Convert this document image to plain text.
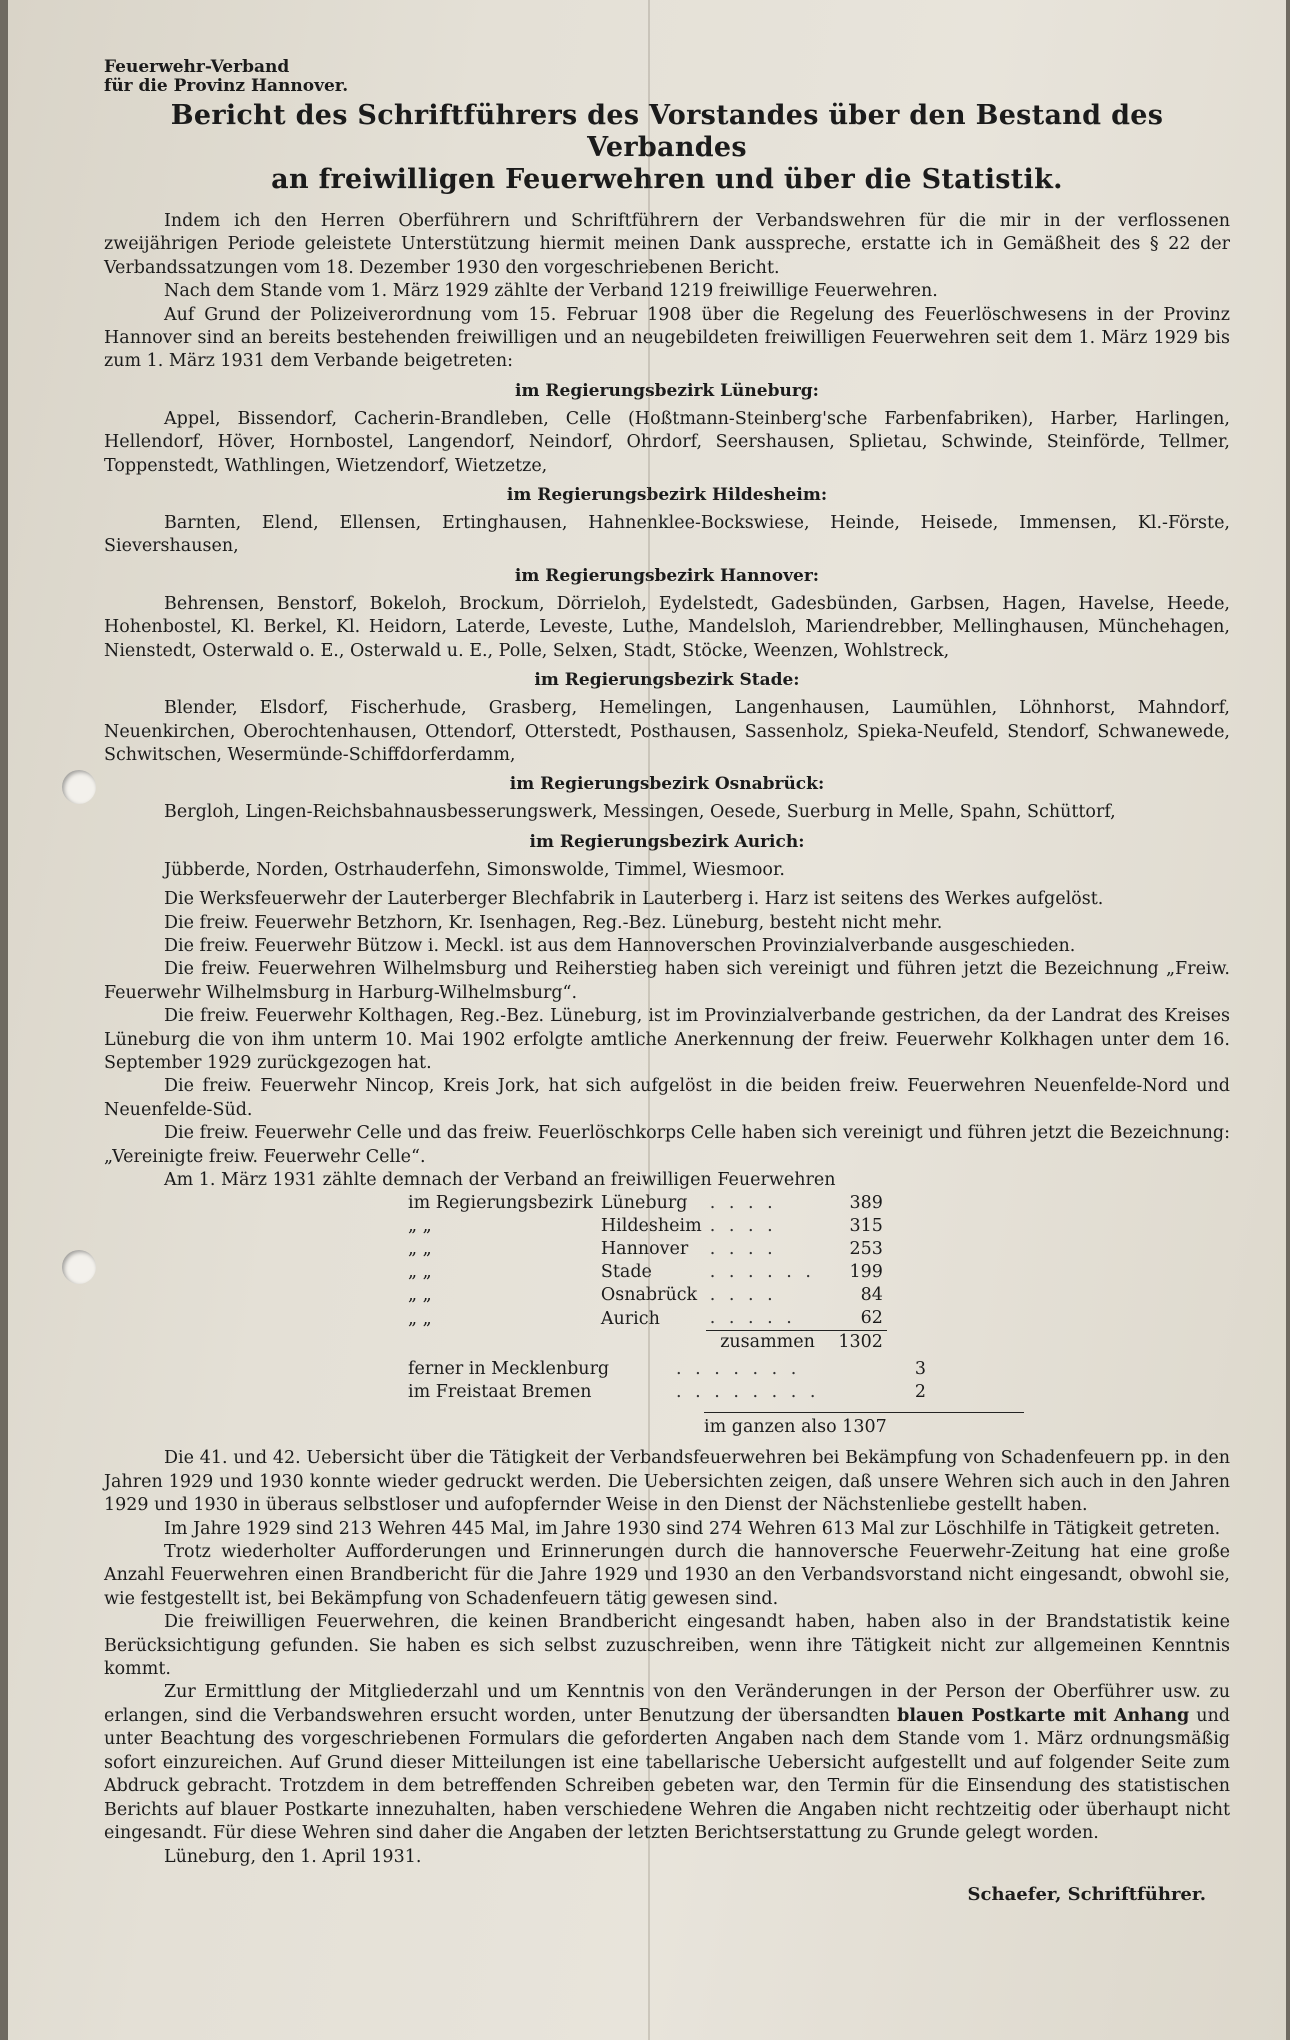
Feuerwehr-Verband
für die Provinz Hannover.
Bericht des Schriftführers des Vorstandes über den Bestand des Verbandes
an freiwilligen Feuerwehren und über die Statistik.

Indem ich den Herren Oberführern und Schriftführern der Verbandswehren für die mir in der verflossenen zweijährigen Periode geleistete Unterstützung hiermit meinen Dank ausspreche, erstatte ich in Gemäßheit des § 22 der Verbandssatzungen vom 18. Dezember 1930 den vorgeschriebenen Bericht.

Nach dem Stande vom 1. März 1929 zählte der Verband 1219 freiwillige Feuerwehren.

Auf Grund der Polizeiverordnung vom 15. Februar 1908 über die Regelung des Feuerlöschwesens in der Provinz Hannover sind an bereits bestehenden freiwilligen und an neugebildeten freiwilligen Feuerwehren seit dem 1. März 1929 bis zum 1. März 1931 dem Verbande beigetreten:

im Regierungsbezirk Lüneburg:
Appel, Bissendorf, Cacherin-Brandleben, Celle (Hoßtmann-Steinberg'sche Farbenfabriken), Harber, Harlingen, Hellendorf, Höver, Hornbostel, Langendorf, Neindorf, Ohrdorf, Seershausen, Splietau, Schwinde, Steinförde, Tellmer, Toppenstedt, Wathlingen, Wietzendorf, Wietzetze,
im Regierungsbezirk Hildesheim:
Barnten, Elend, Ellensen, Ertinghausen, Hahnenklee-Bockswiese, Heinde, Heisede, Immensen, Kl.-Förste, Sievershausen,
im Regierungsbezirk Hannover:
Behrensen, Benstorf, Bokeloh, Brockum, Dörrieloh, Eydelstedt, Gadesbünden, Garbsen, Hagen, Havelse, Heede, Hohenbostel, Kl. Berkel, Kl. Heidorn, Laterde, Leveste, Luthe, Mandelsloh, Mariendrebber, Mellinghausen, Münchehagen, Nienstedt, Osterwald o. E., Osterwald u. E., Polle, Selxen, Stadt, Stöcke, Weenzen, Wohlstreck,
im Regierungsbezirk Stade:
Blender, Elsdorf, Fischerhude, Grasberg, Hemelingen, Langenhausen, Laumühlen, Löhnhorst, Mahndorf, Neuenkirchen, Oberochtenhausen, Ottendorf, Otterstedt, Posthausen, Sassenholz, Spieka-Neufeld, Stendorf, Schwanewede, Schwitschen, Wesermünde-Schiffdorferdamm,
im Regierungsbezirk Osnabrück:
Bergloh, Lingen-Reichsbahnausbesserungswerk, Messingen, Oesede, Suerburg in Melle, Spahn, Schüttorf,
im Regierungsbezirk Aurich:
Jübberde, Norden, Ostrhauderfehn, Simonswolde, Timmel, Wiesmoor.

Die Werksfeuerwehr der Lauterberger Blechfabrik in Lauterberg i. Harz ist seitens des Werkes aufgelöst.

Die freiw. Feuerwehr Betzhorn, Kr. Isenhagen, Reg.-Bez. Lüneburg, besteht nicht mehr.

Die freiw. Feuerwehr Bützow i. Meckl. ist aus dem Hannoverschen Provinzialverbande ausgeschieden.

Die freiw. Feuerwehren Wilhelmsburg und Reiherstieg haben sich vereinigt und führen jetzt die Bezeichnung „Freiw. Feuerwehr Wilhelmsburg in Harburg-Wilhelmsburg“.

Die freiw. Feuerwehr Kolthagen, Reg.-Bez. Lüneburg, ist im Provinzialverbande gestrichen, da der Landrat des Kreises Lüneburg die von ihm unterm 10. Mai 1902 erfolgte amtliche Anerkennung der freiw. Feuerwehr Kolkhagen unter dem 16. September 1929 zurückgezogen hat.

Die freiw. Feuerwehr Nincop, Kreis Jork, hat sich aufgelöst in die beiden freiw. Feuerwehren Neuenfelde-Nord und Neuenfelde-Süd.

Die freiw. Feuerwehr Celle und das freiw. Feuerlöschkorps Celle haben sich vereinigt und führen jetzt die Bezeichnung: „Vereinigte freiw. Feuerwehr Celle“.

Am 1. März 1931 zählte demnach der Verband an freiwilligen Feuerwehren

im Regierungsbezirk	Lüneburg	. . . .	389
„ „	Hildesheim	. . . .	315
„ „	Hannover	. . . .	253
„ „	Stade	. . . . . .	199
„ „	Osnabrück	. . . .	84
„ „	Aurich	. . . . .	62
		zusammen	1302
ferner in Mecklenburg	. . . . . . .	3
im Freistaat Bremen	. . . . . . . .	2
im ganzen also 1307

Die 41. und 42. Uebersicht über die Tätigkeit der Verbandsfeuerwehren bei Bekämpfung von Schadenfeuern pp. in den Jahren 1929 und 1930 konnte wieder gedruckt werden. Die Uebersichten zeigen, daß unsere Wehren sich auch in den Jahren 1929 und 1930 in überaus selbstloser und aufopfernder Weise in den Dienst der Nächstenliebe gestellt haben.

Im Jahre 1929 sind 213 Wehren 445 Mal, im Jahre 1930 sind 274 Wehren 613 Mal zur Löschhilfe in Tätigkeit getreten.

Trotz wiederholter Aufforderungen und Erinnerungen durch die hannoversche Feuerwehr-Zeitung hat eine große Anzahl Feuerwehren einen Brandbericht für die Jahre 1929 und 1930 an den Verbandsvorstand nicht eingesandt, obwohl sie, wie festgestellt ist, bei Bekämpfung von Schadenfeuern tätig gewesen sind.

Die freiwilligen Feuerwehren, die keinen Brandbericht eingesandt haben, haben also in der Brandstatistik keine Berücksichtigung gefunden. Sie haben es sich selbst zuzuschreiben, wenn ihre Tätigkeit nicht zur allgemeinen Kenntnis kommt.

Zur Ermittlung der Mitgliederzahl und um Kenntnis von den Veränderungen in der Person der Oberführer usw. zu erlangen, sind die Verbandswehren ersucht worden, unter Benutzung der übersandten blauen Postkarte mit Anhang und unter Beachtung des vorgeschriebenen Formulars die geforderten Angaben nach dem Stande vom 1. März ordnungsmäßig sofort einzureichen. Auf Grund dieser Mitteilungen ist eine tabellarische Uebersicht aufgestellt und auf folgender Seite zum Abdruck gebracht. Trotzdem in dem betreffenden Schreiben gebeten war, den Termin für die Einsendung des statistischen Berichts auf blauer Postkarte innezuhalten, haben verschiedene Wehren die Angaben nicht rechtzeitig oder überhaupt nicht eingesandt. Für diese Wehren sind daher die Angaben der letzten Berichtserstattung zu Grunde gelegt worden.

Lüneburg, den 1. April 1931.
Schaefer, Schriftführer.
